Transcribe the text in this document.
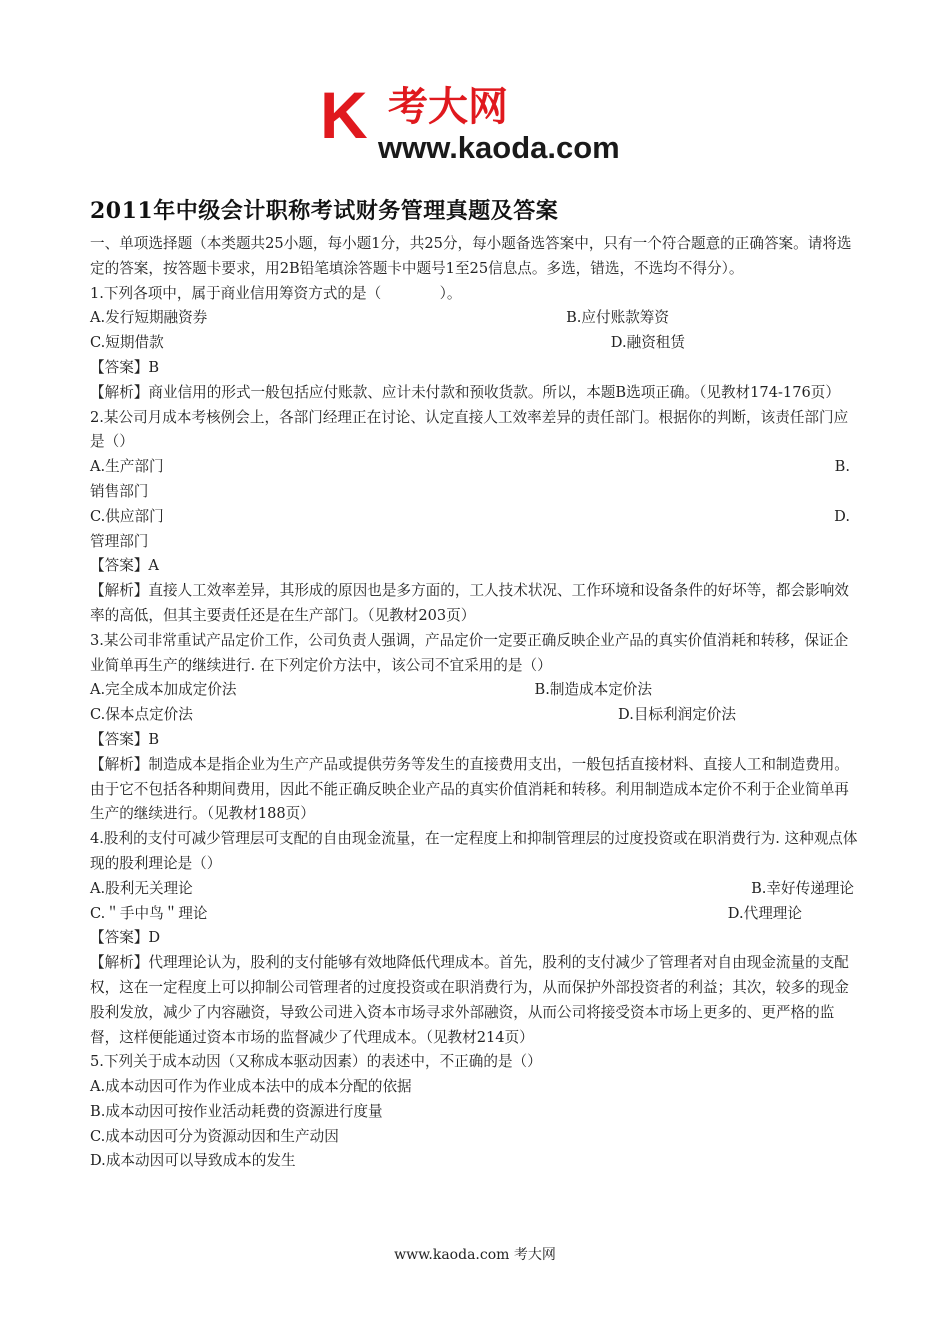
K 考大网
www.kaoda.com
2011年中级会计职称考试财务管理真题及答案

一、单项选择题（本类题共25小题，每小题1分，共25分，每小题备选答案中，只有一个符合题意的正确答案。请将选定的答案，按答题卡要求，用2B铅笔填涂答题卡中题号1至25信息点。多选，错选，不选均不得分）。

1.下列各项中，属于商业信用筹资方式的是（　　　　）。

A.发行短期融资券	B.应付账款筹资
C.短期借款	D.融资租赁

【答案】B

【解析】商业信用的形式一般包括应付账款、应计未付款和预收货款。所以，本题B选项正确。（见教材174-176页）

2.某公司月成本考核例会上，各部门经理正在讨论、认定直接人工效率差异的责任部门。根据你的判断，该责任部门应是（）

A.生产部门	B.

销售部门

C.供应部门	D.

管理部门

【答案】A

【解析】直接人工效率差异，其形成的原因也是多方面的，工人技术状况、工作环境和设备条件的好坏等，都会影响效率的高低，但其主要责任还是在生产部门。（见教材203页）

3.某公司非常重试产品定价工作，公司负责人强调，产品定价一定要正确反映企业产品的真实价值消耗和转移，保证企业简单再生产的继续进行. 在下列定价方法中，该公司不宜采用的是（）

A.完全成本加成定价法	B.制造成本定价法
C.保本点定价法	D.目标利润定价法

【答案】B

【解析】制造成本是指企业为生产产品或提供劳务等发生的直接费用支出，一般包括直接材料、直接人工和制造费用。由于它不包括各种期间费用，因此不能正确反映企业产品的真实价值消耗和转移。利用制造成本定价不利于企业简单再生产的继续进行。（见教材188页）

4.股利的支付可减少管理层可支配的自由现金流量，在一定程度上和抑制管理层的过度投资或在职消费行为. 这种观点体现的股利理论是（）

A.股利无关理论	B.幸好传递理论
C.＂手中鸟＂理论	D.代理理论

【答案】D

【解析】代理理论认为，股利的支付能够有效地降低代理成本。首先，股利的支付减少了管理者对自由现金流量的支配权，这在一定程度上可以抑制公司管理者的过度投资或在职消费行为，从而保护外部投资者的利益；其次，较多的现金股利发放，减少了内容融资，导致公司进入资本市场寻求外部融资，从而公司将接受资本市场上更多的、更严格的监督，这样便能通过资本市场的监督减少了代理成本。（见教材214页）

5.下列关于成本动因（又称成本驱动因素）的表述中，不正确的是（）

A.成本动因可作为作业成本法中的成本分配的依据

B.成本动因可按作业活动耗费的资源进行度量

C.成本动因可分为资源动因和生产动因

D.成本动因可以导致成本的发生

www.kaoda.com 考大网
